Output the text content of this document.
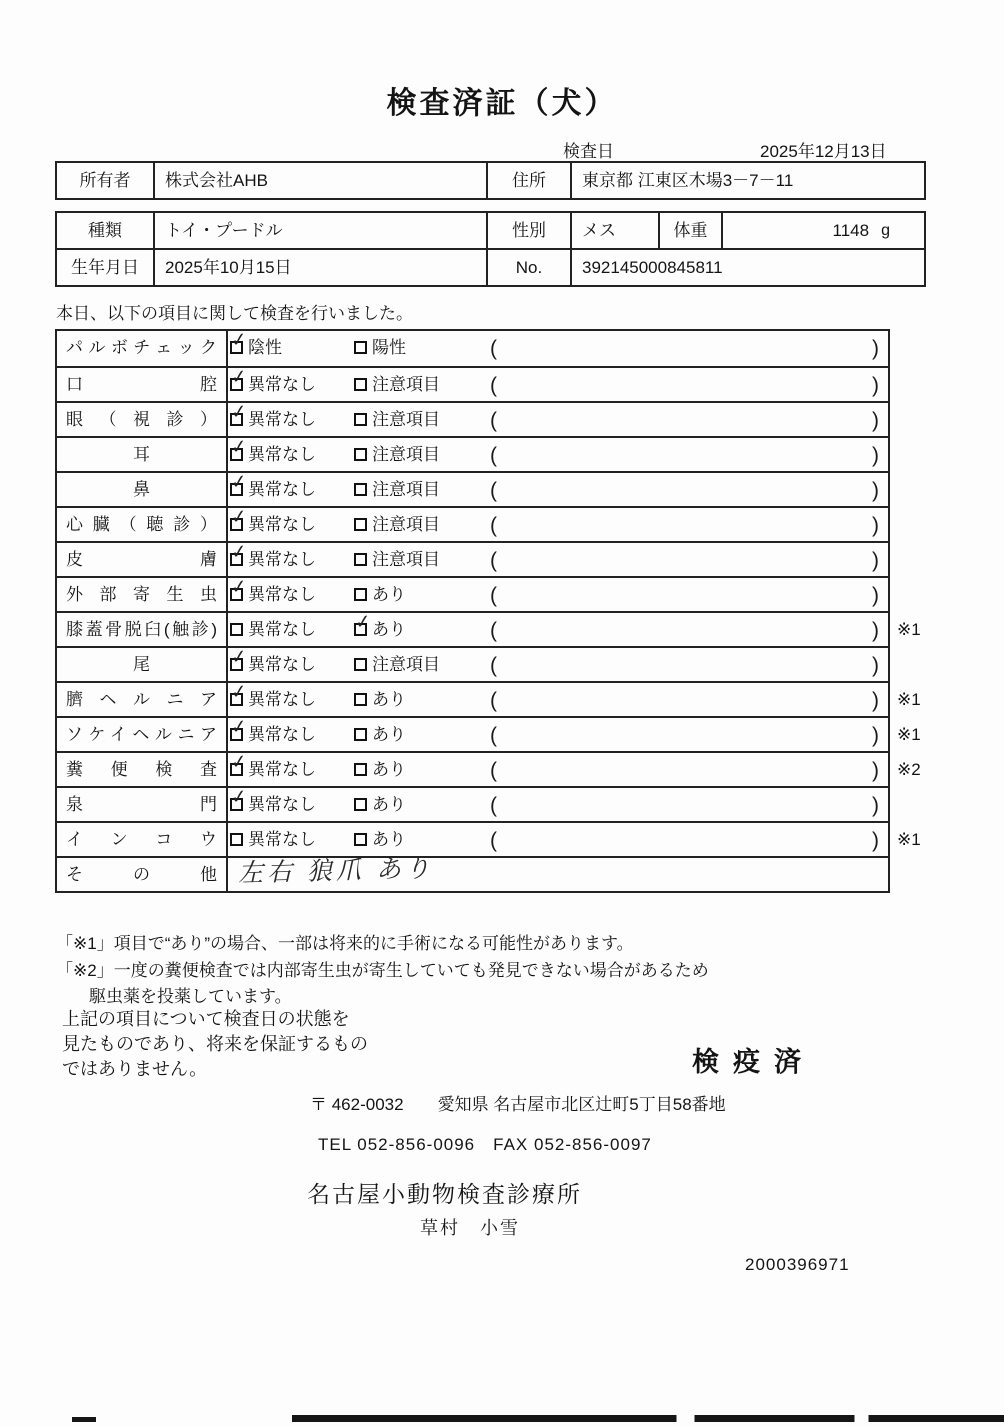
検査済証（犬）
検査日	2025年12月13日
所有者	株式会社AHB	住所	東京都 江東区木場3－7－11
種類	トイ・プードル	性別	メス	体重	1148 g
生年月日	2025年10月15日	No.	392145000845811
本日、以下の項目に関して検査を行いました。
パルボチェック ✓	陰性	陽性	(	)
口腔 ✓	異常なし	注意項目 (	)
眼（視診） ✓	異常なし	注意項目 (	)
耳 ✓	異常なし	注意項目 (	)
鼻 ✓	異常なし	注意項目 (	)
心臓（聴診） ✓	異常なし	注意項目 (	)
皮膚 ✓	異常なし	注意項目 (	)
外部寄生虫 ✓	異常なし	あり	(	)
膝蓋骨脱臼(触診)	異常なし ✓	あり	(	) ※1
尾 ✓	異常なし	注意項目 (	)
臍ヘルニア ✓	異常なし	あり	(	) ※1
ソケイヘルニア ✓	異常なし	あり	(	) ※1
糞便検査 ✓	異常なし	あり	(	) ※2
泉門 ✓	異常なし	あり	(	)
インコウ	異常なし	あり	(	) ※1
その他 左右 狼爪 あり
「※1」項目で“あり”の場合、一部は将来的に手術になる可能性があります。
「※2」一度の糞便検査では内部寄生虫が寄生していても発見できない場合があるため
駆虫薬を投薬しています。
上記の項目について検査日の状態を
見たものであり、将来を保証するもの
ではありません。	検疫済
〒 462-0032　　愛知県 名古屋市北区辻町5丁目58番地
TEL 052-856-0096　FAX 052-856-0097
名古屋小動物検査診療所
草村　小雪
2000396971
